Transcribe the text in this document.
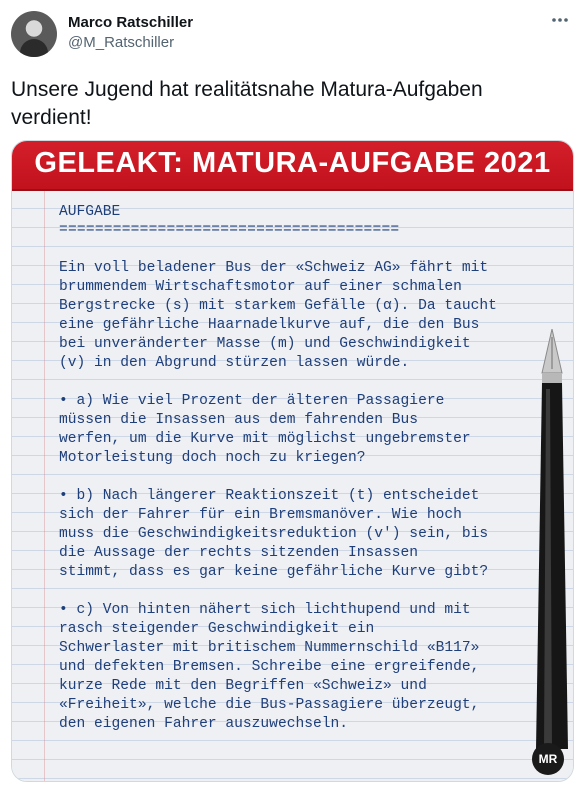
Marco Ratschiller
@M_Ratschiller
Unsere Jugend hat realitätsnahe Matura-Aufgaben verdient!
GELEAKT: MATURA-AUFGABE 2021
AUFGABE
======================================
Ein voll beladener Bus der «Schweiz AG» fährt mit
brummendem Wirtschaftsmotor auf einer schmalen
Bergstrecke (s) mit starkem Gefälle (α). Da taucht
eine gefährliche Haarnadelkurve auf, die den Bus
bei unveränderter Masse (m) und Geschwindigkeit
(v) in den Abgrund stürzen lassen würde.
• a) Wie viel Prozent der älteren Passagiere
müssen die Insassen aus dem fahrenden Bus
werfen, um die Kurve mit möglichst ungebremster
Motorleistung doch noch zu kriegen?
• b) Nach längerer Reaktionszeit (t) entscheidet
sich der Fahrer für ein Bremsmanöver. Wie hoch
muss die Geschwindigkeitsreduktion (v') sein, bis
die Aussage der rechts sitzenden Insassen
stimmt, dass es gar keine gefährliche Kurve gibt?
• c) Von hinten nähert sich lichthupend und mit
rasch steigender Geschwindigkeit ein
Schwerlaster mit britischem Nummernschild «B117»
und defekten Bremsen. Schreibe eine ergreifende,
kurze Rede mit den Begriffen «Schweiz» und
«Freiheit», welche die Bus-Passagiere überzeugt,
den eigenen Fahrer auszuwechseln.
MR
